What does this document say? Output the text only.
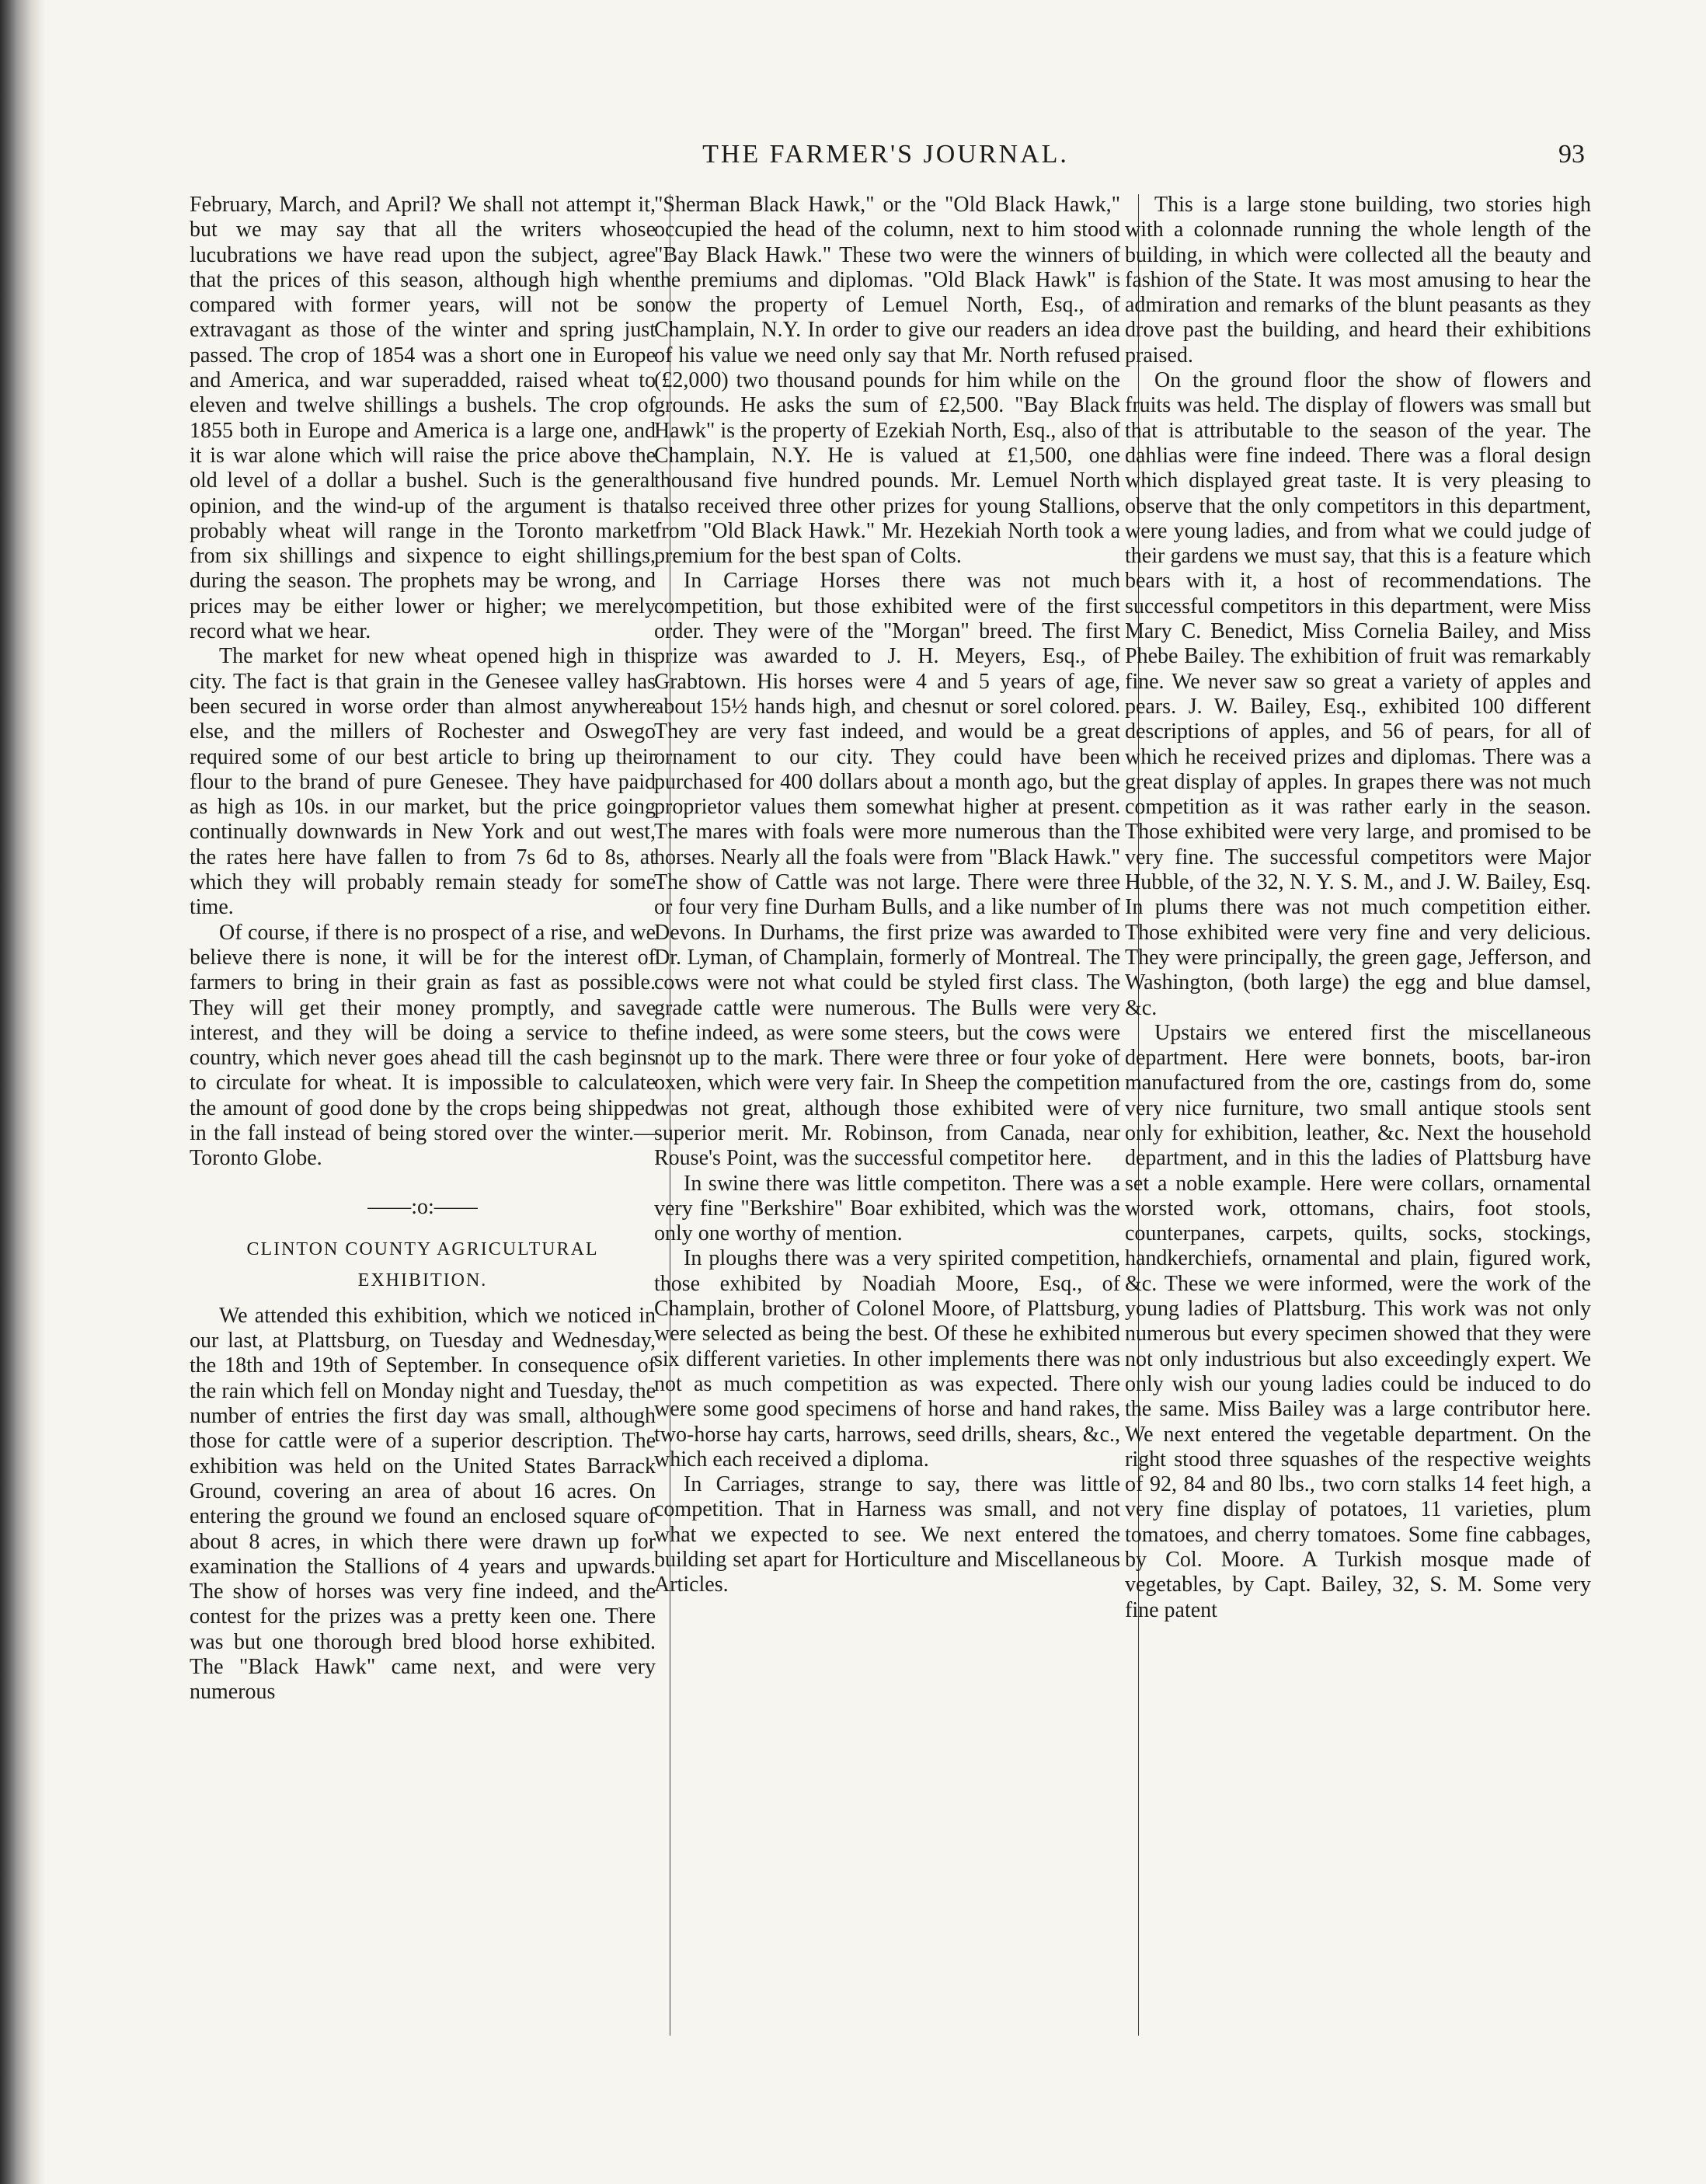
THE FARMER'S JOURNAL.	93

February, March, and April? We shall not attempt it, but we may say that all the writers whose lucubrations we have read upon the subject, agree that the prices of this season, although high when compared with former years, will not be so extravagant as those of the winter and spring just passed. The crop of 1854 was a short one in Europe and America, and war superadded, raised wheat to eleven and twelve shillings a bushels. The crop of 1855 both in Europe and America is a large one, and it is war alone which will raise the price above the old level of a dollar a bushel. Such is the general opinion, and the wind-up of the argument is that probably wheat will range in the Toronto market from six shillings and sixpence to eight shillings, during the season. The prophets may be wrong, and prices may be either lower or higher; we merely record what we hear.

The market for new wheat opened high in this city. The fact is that grain in the Genesee valley has been secured in worse order than almost anywhere else, and the millers of Rochester and Oswego required some of our best article to bring up their flour to the brand of pure Genesee. They have paid as high as 10s. in our market, but the price going continually downwards in New York and out west, the rates here have fallen to from 7s 6d to 8s, at which they will probably remain steady for some time.

Of course, if there is no prospect of a rise, and we believe there is none, it will be for the interest of farmers to bring in their grain as fast as possible. They will get their money promptly, and save interest, and they will be doing a service to the country, which never goes ahead till the cash begins to circulate for wheat. It is impossible to calculate the amount of good done by the crops being shipped in the fall instead of being stored over the winter.—Toronto Globe.

——:o:——
CLINTON COUNTY AGRICULTURAL EXHIBITION.

We attended this exhibition, which we noticed in our last, at Plattsburg, on Tuesday and Wednesday, the 18th and 19th of September. In consequence of the rain which fell on Monday night and Tuesday, the number of entries the first day was small, although those for cattle were of a superior description. The exhibition was held on the United States Barrack Ground, covering an area of about 16 acres. On entering the ground we found an enclosed square of about 8 acres, in which there were drawn up for examination the Stallions of 4 years and upwards. The show of horses was very fine indeed, and the contest for the prizes was a pretty keen one. There was but one thorough bred blood horse exhibited. The "Black Hawk" came next, and were very numerous

"Sherman Black Hawk," or the "Old Black Hawk," occupied the head of the column, next to him stood "Bay Black Hawk." These two were the winners of the premiums and diplomas. "Old Black Hawk" is now the property of Lemuel North, Esq., of Champlain, N.Y. In order to give our readers an idea of his value we need only say that Mr. North refused (£2,000) two thousand pounds for him while on the grounds. He asks the sum of £2,500. "Bay Black Hawk" is the property of Ezekiah North, Esq., also of Champlain, N.Y. He is valued at £1,500, one thousand five hundred pounds. Mr. Lemuel North also received three other prizes for young Stallions, from "Old Black Hawk." Mr. Hezekiah North took a premium for the best span of Colts.

In Carriage Horses there was not much competition, but those exhibited were of the first order. They were of the "Morgan" breed. The first prize was awarded to J. H. Meyers, Esq., of Grabtown. His horses were 4 and 5 years of age, about 15½ hands high, and chesnut or sorel colored. They are very fast indeed, and would be a great ornament to our city. They could have been purchased for 400 dollars about a month ago, but the proprietor values them somewhat higher at present. The mares with foals were more numerous than the horses. Nearly all the foals were from "Black Hawk." The show of Cattle was not large. There were three or four very fine Durham Bulls, and a like number of Devons. In Durhams, the first prize was awarded to Dr. Lyman, of Champlain, formerly of Montreal. The cows were not what could be styled first class. The grade cattle were numerous. The Bulls were very fine indeed, as were some steers, but the cows were not up to the mark. There were three or four yoke of oxen, which were very fair. In Sheep the competition was not great, although those exhibited were of superior merit. Mr. Robinson, from Canada, near Rouse's Point, was the successful competitor here.

In swine there was little competiton. There was a very fine "Berkshire" Boar exhibited, which was the only one worthy of mention.

In ploughs there was a very spirited competition, those exhibited by Noadiah Moore, Esq., of Champlain, brother of Colonel Moore, of Plattsburg, were selected as being the best. Of these he exhibited six different varieties. In other implements there was not as much competition as was expected. There were some good specimens of horse and hand rakes, two-horse hay carts, harrows, seed drills, shears, &c., which each received a diploma.

In Carriages, strange to say, there was little competition. That in Harness was small, and not what we expected to see. We next entered the building set apart for Horticulture and Miscellaneous Articles.

This is a large stone building, two stories high with a colonnade running the whole length of the building, in which were collected all the beauty and fashion of the State. It was most amusing to hear the admiration and remarks of the blunt peasants as they drove past the building, and heard their exhibitions praised.

On the ground floor the show of flowers and fruits was held. The display of flowers was small but that is attributable to the season of the year. The dahlias were fine indeed. There was a floral design which displayed great taste. It is very pleasing to observe that the only competitors in this department, were young ladies, and from what we could judge of their gardens we must say, that this is a feature which bears with it, a host of recommendations. The successful competitors in this department, were Miss Mary C. Benedict, Miss Cornelia Bailey, and Miss Phebe Bailey. The exhibition of fruit was remarkably fine. We never saw so great a variety of apples and pears. J. W. Bailey, Esq., exhibited 100 different descriptions of apples, and 56 of pears, for all of which he received prizes and diplomas. There was a great display of apples. In grapes there was not much competition as it was rather early in the season. Those exhibited were very large, and promised to be very fine. The successful competitors were Major Hubble, of the 32, N. Y. S. M., and J. W. Bailey, Esq. In plums there was not much competition either. Those exhibited were very fine and very delicious. They were principally, the green gage, Jefferson, and Washington, (both large) the egg and blue damsel, &c.

Upstairs we entered first the miscellaneous department. Here were bonnets, boots, bar-iron manufactured from the ore, castings from do, some very nice furniture, two small antique stools sent only for exhibition, leather, &c. Next the household department, and in this the ladies of Plattsburg have set a noble example. Here were collars, ornamental worsted work, ottomans, chairs, foot stools, counterpanes, carpets, quilts, socks, stockings, handkerchiefs, ornamental and plain, figured work, &c. These we were informed, were the work of the young ladies of Plattsburg. This work was not only numerous but every specimen showed that they were not only industrious but also exceedingly expert. We only wish our young ladies could be induced to do the same. Miss Bailey was a large contributor here. We next entered the vegetable department. On the right stood three squashes of the respective weights of 92, 84 and 80 lbs., two corn stalks 14 feet high, a very fine display of potatoes, 11 varieties, plum tomatoes, and cherry tomatoes. Some fine cabbages, by Col. Moore. A Turkish mosque made of vegetables, by Capt. Bailey, 32, S. M. Some very fine patent
